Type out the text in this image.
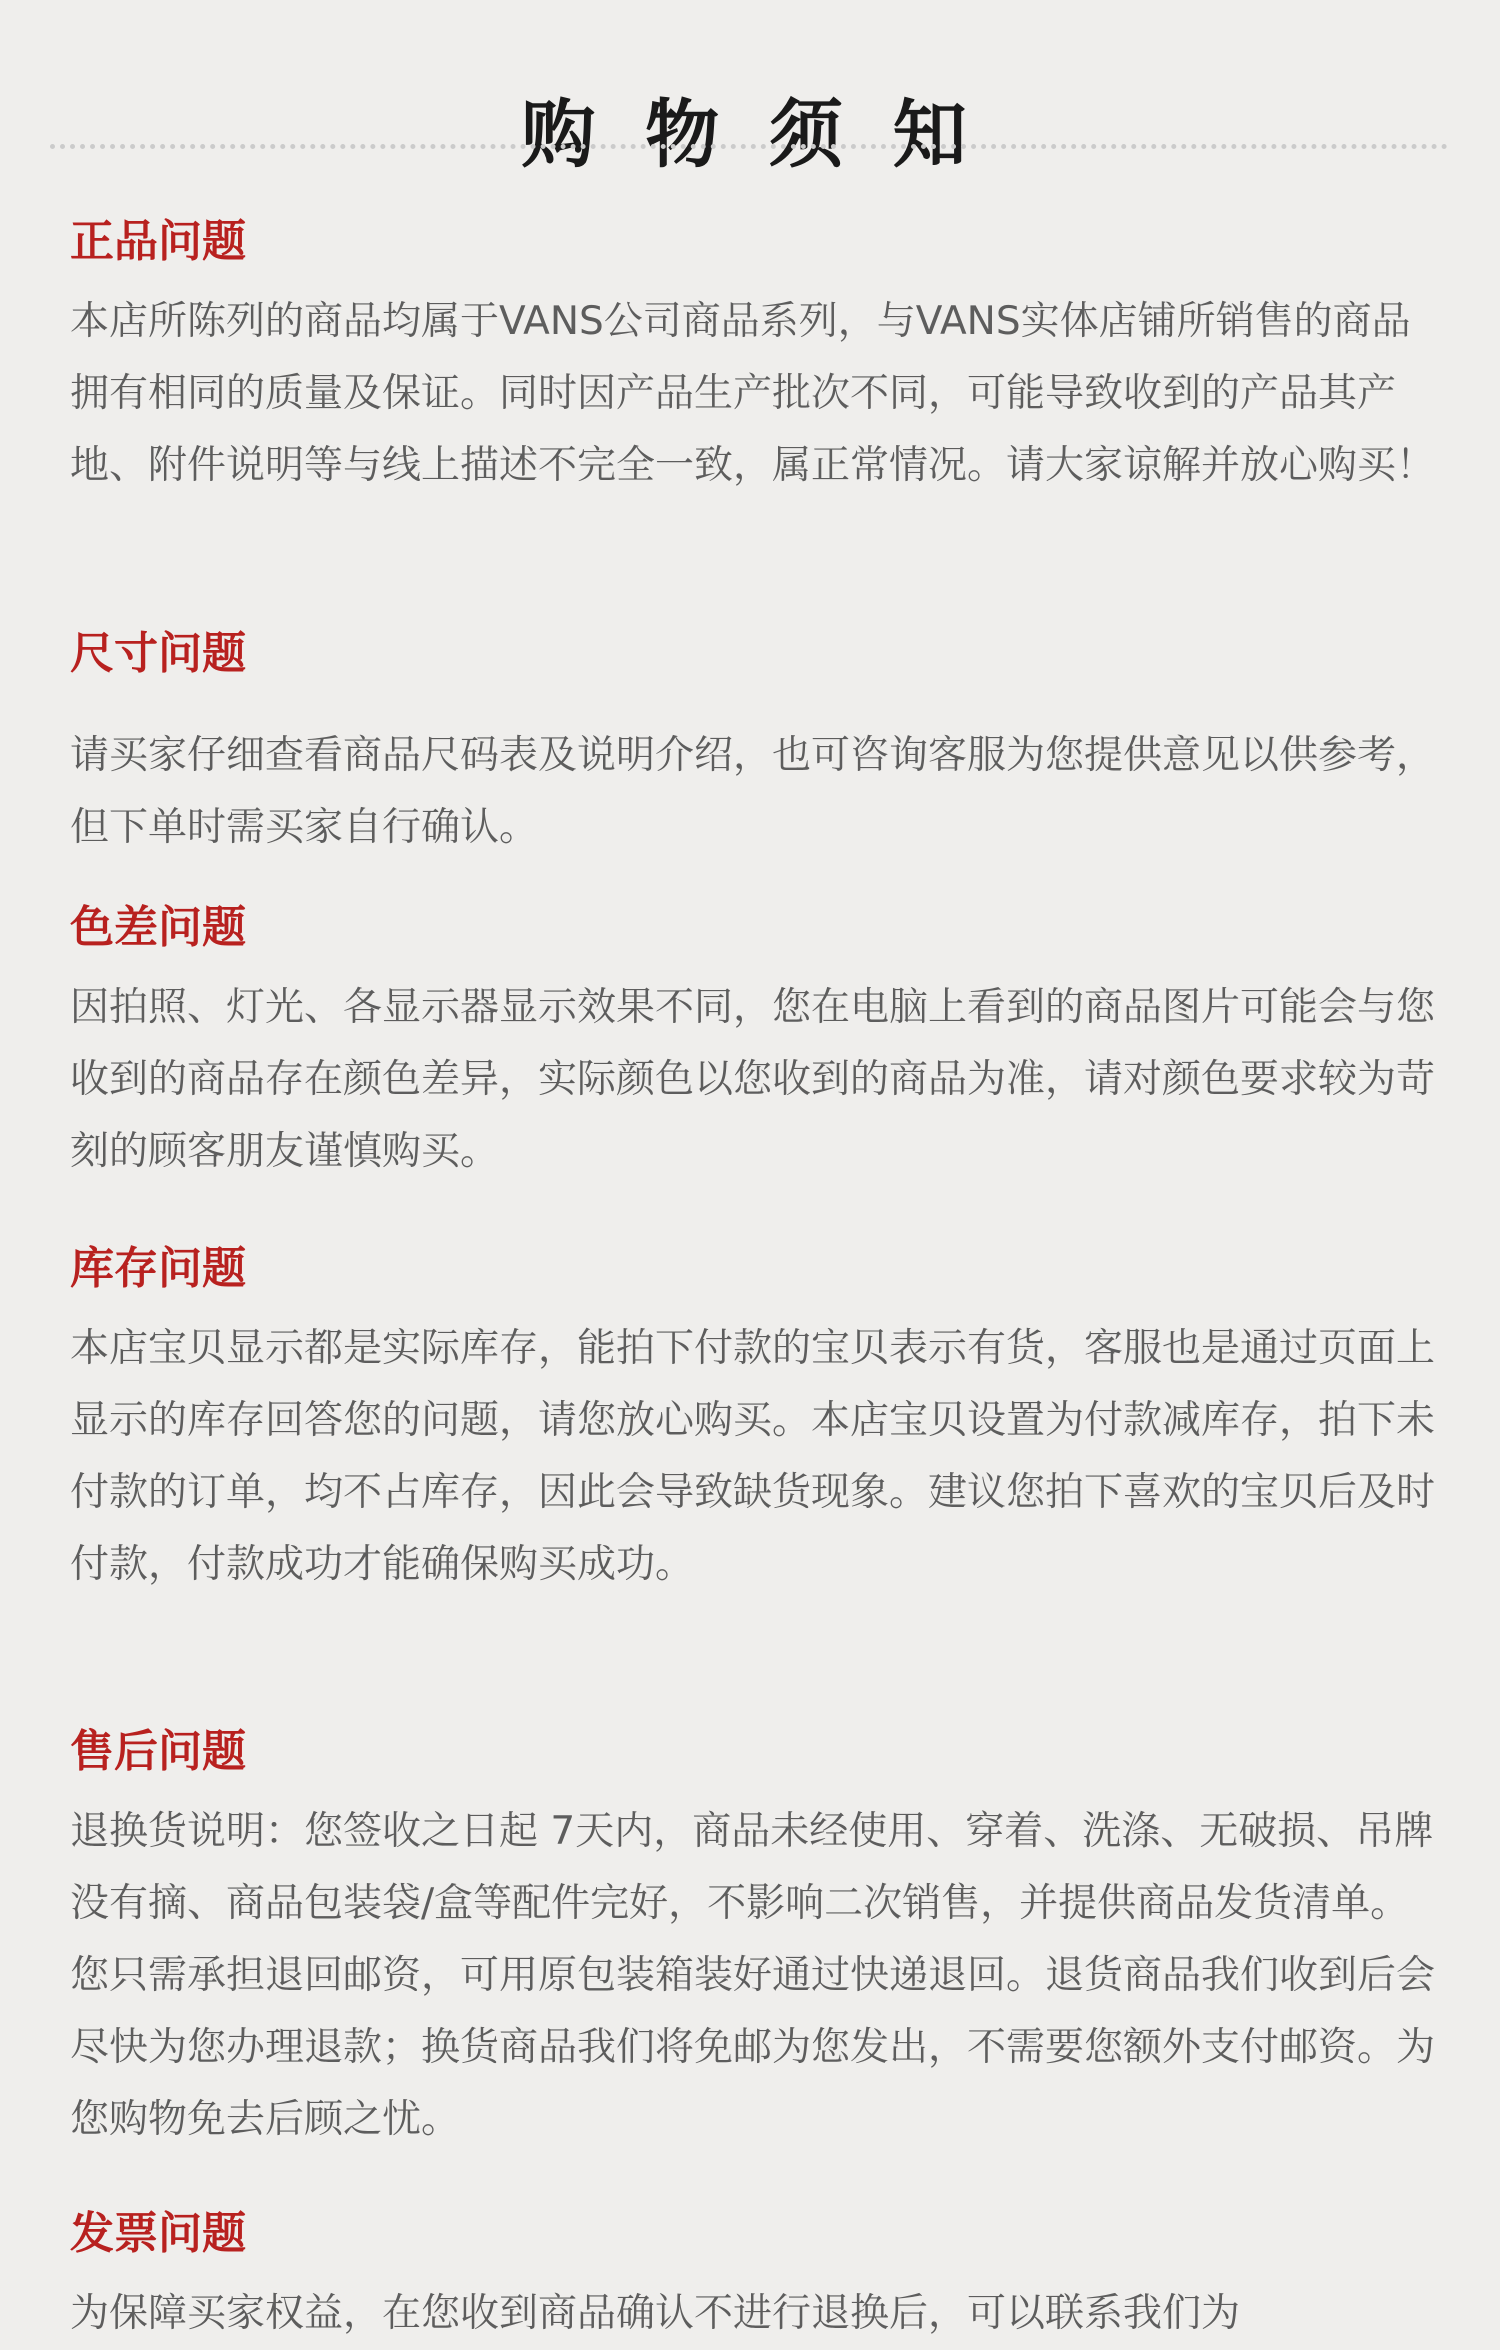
购 物 须 知
正品问题

本店所陈列的商品均属于VANS公司商品系列，与VANS实体店铺所销售的商品拥有相同的质量及保证。同时因产品生产批次不同，可能导致收到的产品其产地、附件说明等与线上描述不完全一致，属正常情况。请大家谅解并放心购买！

尺寸问题

请买家仔细查看商品尺码表及说明介绍，也可咨询客服为您提供意见以供参考，但下单时需买家自行确认。

色差问题

因拍照、灯光、各显示器显示效果不同，您在电脑上看到的商品图片可能会与您收到的商品存在颜色差异，实际颜色以您收到的商品为准，请对颜色要求较为苛刻的顾客朋友谨慎购买。

库存问题

本店宝贝显示都是实际库存，能拍下付款的宝贝表示有货，客服也是通过页面上显示的库存回答您的问题，请您放心购买。本店宝贝设置为付款减库存，拍下未付款的订单，均不占库存，因此会导致缺货现象。建议您拍下喜欢的宝贝后及时付款，付款成功才能确保购买成功。

售后问题

退换货说明：您签收之日起 7天内，商品未经使用、穿着、洗涤、无破损、吊牌没有摘、商品包装袋/盒等配件完好，不影响二次销售，并提供商品发货清单。您只需承担退回邮资，可用原包装箱装好通过快递退回。退货商品我们收到后会尽快为您办理退款；换货商品我们将免邮为您发出，不需要您额外支付邮资。为您购物免去后顾之忧。

发票问题

为保障买家权益，在您收到商品确认不进行退换后，可以联系我们为
